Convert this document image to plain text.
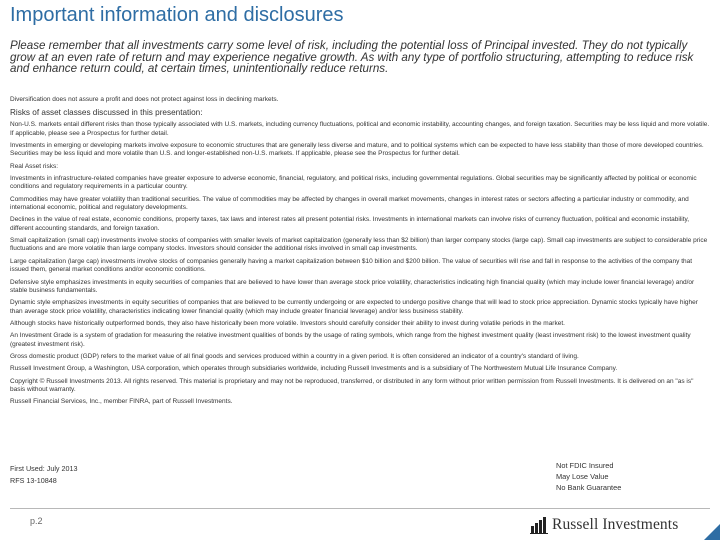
Important information and disclosures
Please remember that all investments carry some level of risk, including the potential loss of Principal invested. They do not typically grow at an even rate of return and may experience negative growth. As with any type of portfolio structuring, attempting to reduce risk and enhance return could, at certain times, unintentionally reduce returns.

Diversification does not assure a profit and does not protect against loss in declining markets.

Risks of asset classes discussed in this presentation:

Non-U.S. markets entail different risks than those typically associated with U.S. markets, including currency fluctuations, political and economic instability, accounting changes, and foreign taxation. Securities may be less liquid and more volatile. If applicable, please see a Prospectus for further detail.

Investments in emerging or developing markets involve exposure to economic structures that are generally less diverse and mature, and to political systems which can be expected to have less stability than those of more developed countries. Securities may be less liquid and more volatile than U.S. and longer-established non-U.S. markets. If applicable, please see the Prospectus for further detail.

Real Asset risks:

Investments in infrastructure-related companies have greater exposure to adverse economic, financial, regulatory, and political risks, including governmental regulations. Global securities may be significantly affected by political or economic conditions and regulatory requirements in a particular country.

Commodities may have greater volatility than traditional securities. The value of commodities may be affected by changes in overall market movements, changes in interest rates or sectors affecting a particular industry or commodity, and international economic, political and regulatory developments.

Declines in the value of real estate, economic conditions, property taxes, tax laws and interest rates all present potential risks. Investments in international markets can involve risks of currency fluctuation, political and economic instability, different accounting standards, and foreign taxation.

Small capitalization (small cap) investments involve stocks of companies with smaller levels of market capitalization (generally less than $2 billion) than larger company stocks (large cap). Small cap investments are subject to considerable price fluctuations and are more volatile than large company stocks. Investors should consider the additional risks involved in small cap investments.

Large capitalization (large cap) investments involve stocks of companies generally having a market capitalization between $10 billion and $200 billion. The value of securities will rise and fall in response to the activities of the company that issued them, general market conditions and/or economic conditions.

Defensive style emphasizes investments in equity securities of companies that are believed to have lower than average stock price volatility, characteristics indicating high financial quality (which may include lower financial leverage) and/or stable business fundamentals.

Dynamic style emphasizes investments in equity securities of companies that are believed to be currently undergoing or are expected to undergo positive change that will lead to stock price appreciation. Dynamic stocks typically have higher than average stock price volatility, characteristics indicating lower financial quality (which may include greater financial leverage) and/or less business stability.

Although stocks have historically outperformed bonds, they also have historically been more volatile. Investors should carefully consider their ability to invest during volatile periods in the market.

An Investment Grade is a system of gradation for measuring the relative investment qualities of bonds by the usage of rating symbols, which range from the highest investment quality (least investment risk) to the lowest investment quality (greatest investment risk).

Gross domestic product (GDP) refers to the market value of all final goods and services produced within a country in a given period. It is often considered an indicator of a country's standard of living.

Russell Investment Group, a Washington, USA corporation, which operates through subsidiaries worldwide, including Russell Investments and is a subsidiary of The Northwestern Mutual Life Insurance Company.

Copyright © Russell Investments 2013. All rights reserved. This material is proprietary and may not be reproduced, transferred, or distributed in any form without prior written permission from Russell Investments. It is delivered on an "as is" basis without warranty.

Russell Financial Services, Inc., member FINRA, part of Russell Investments.

First Used: July 2013
RFS 13-10848
Not FDIC Insured
May Lose Value
No Bank Guarantee
p.2	Russell Investments
